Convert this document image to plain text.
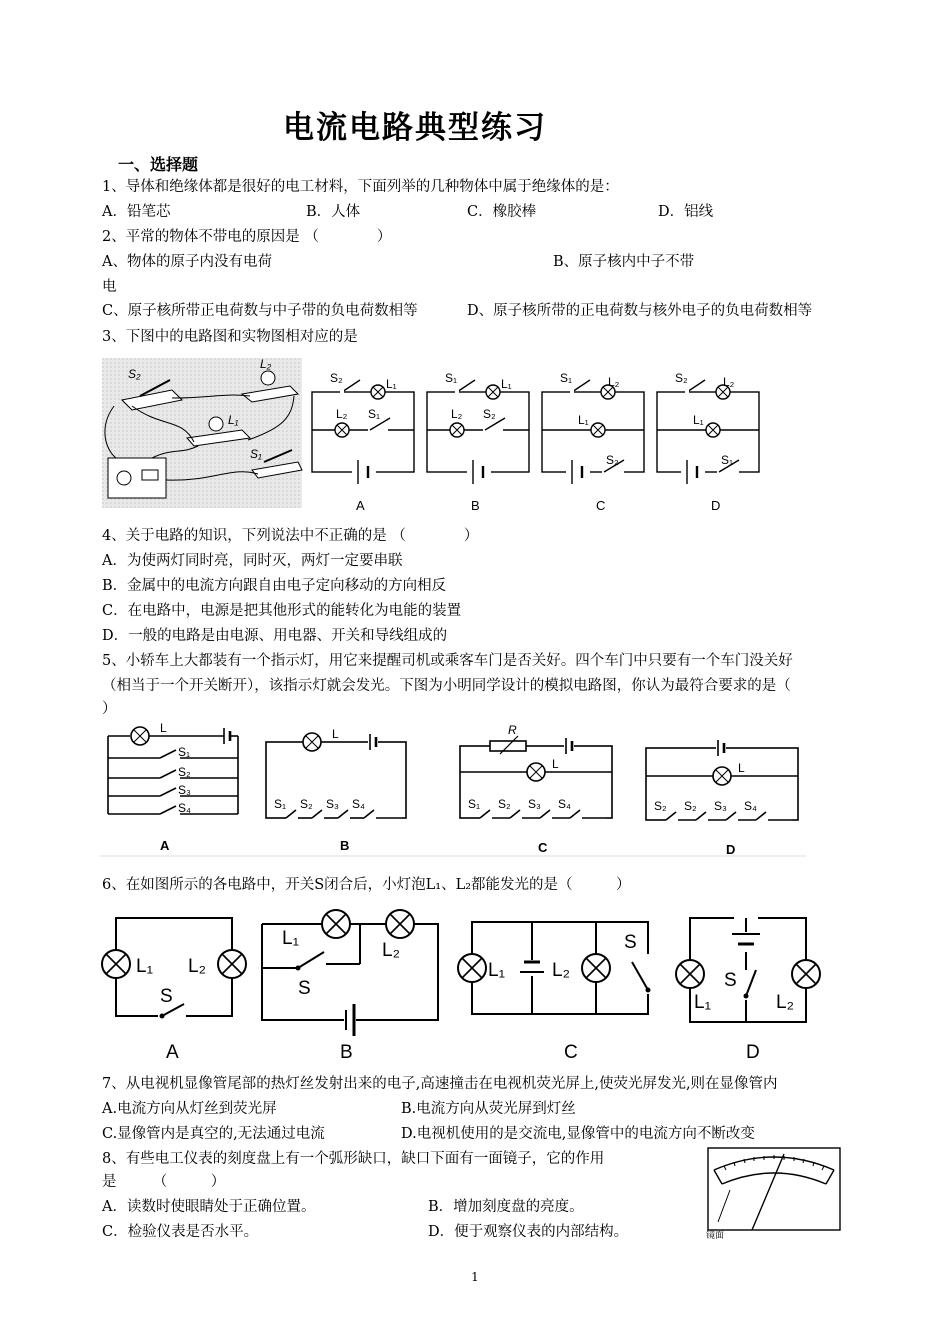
电流电路典型练习
一、选择题
1、导体和绝缘体都是很好的电工材料，下面列举的几种物体中属于绝缘体的是：
A．铅笔芯	B．人体	C．橡胶棒	D．铝线
2、平常的物体不带电的原因是 （　　　　）
A、物体的原子内没有电荷	B、原子核内中子不带
电
C、原子核所带正电荷数与中子带的负电荷数相等	D、原子核所带的正电荷数与核外电子的负电荷数相等
3、下图中的电路图和实物图相对应的是
S₂
L₂
L₁
S₁
S₂	L₁
L₂ S₁
A
S₁	L₁
L₂ S₂
B
S₁	L₂
L₁
S₂
C
S₂	L₂
L₁
S₁
D
4、关于电路的知识，下列说法中不正确的是 （　　　　）
A．为使两灯同时亮，同时灭，两灯一定要串联
B．金属中的电流方向跟自由电子定向移动的方向相反
C．在电路中，电源是把其他形式的能转化为电能的装置
D．一般的电路是由电源、用电器、开关和导线组成的
5、小轿车上大都装有一个指示灯，用它来提醒司机或乘客车门是否关好。四个车门中只要有一个车门没关好
（相当于一个开关断开），该指示灯就会发光。下图为小明同学设计的模拟电路图，你认为最符合要求的是（
）
L
S₁
S₂
S₃
S₄
A
L
S₁ S₂ S₃ S₄
B
R
L
S₁ S₂ S₃ S₄
C
L
S₂ S₂ S₃ S₄
D
6、在如图所示的各电路中，开关S闭合后，小灯泡L₁、L₂都能发光的是（　　　）
L₁ L₂
S
A
L₁
L₂
S
B
L₁ L₂
S
C
S
L₁	L₂
D
7、从电视机显像管尾部的热灯丝发射出来的电子,高速撞击在电视机荧光屏上,使荧光屏发光,则在显像管内
A.电流方向从灯丝到荧光屏	B.电流方向从荧光屏到灯丝
C.显像管内是真空的,无法通过电流	D.电视机使用的是交流电,显像管中的电流方向不断改变
8、有些电工仪表的刻度盘上有一个弧形缺口，缺口下面有一面镜子，它的作用
是　　　（　　　）
A．读数时使眼睛处于正确位置。	B．增加刻度盘的亮度。
C．检验仪表是否水平。	D．便于观察仪表的内部结构。	镜面
1
